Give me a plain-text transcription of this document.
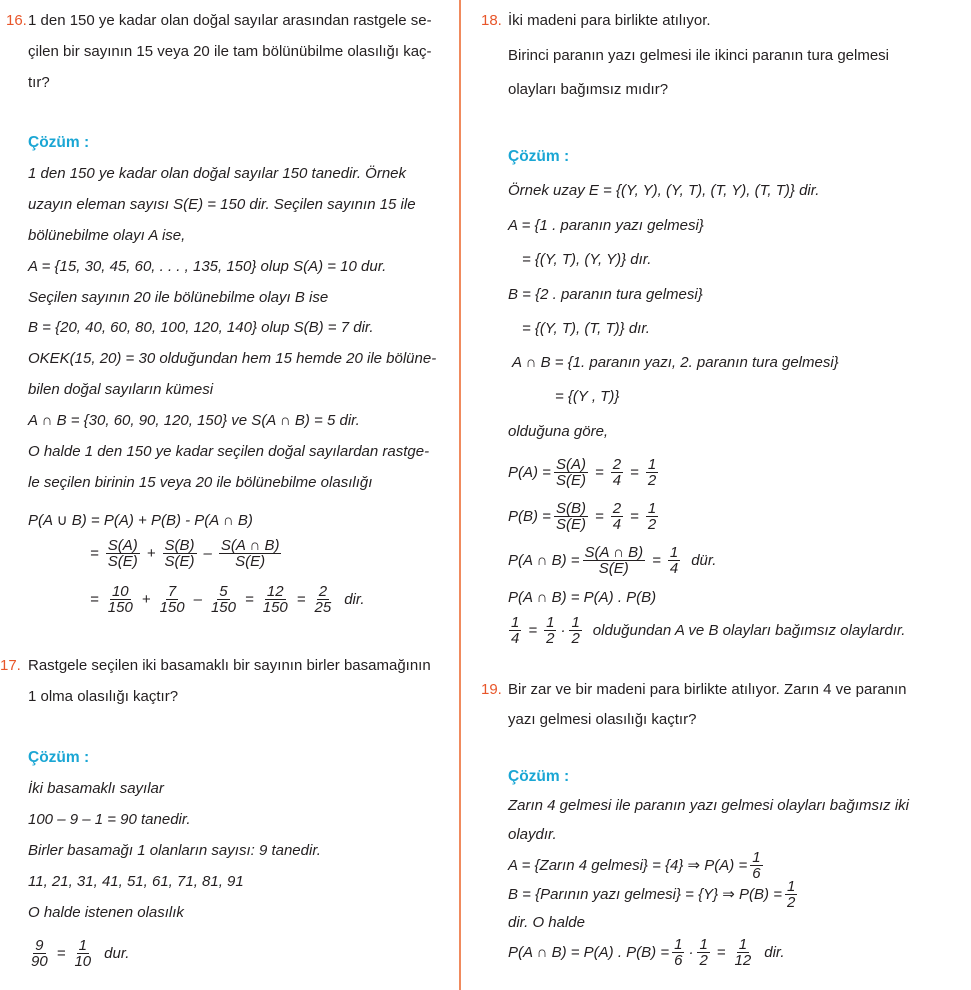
16. 1 den 150 ye kadar olan doğal sayılar arasından rastgele se-
çilen bir sayının 15 veya 20 ile tam bölünübilme olasılığı kaç-
tır?
Çözüm :
1 den 150 ye kadar olan doğal sayılar 150 tanedir. Örnek
uzayın eleman sayısı S(E) = 150 dir. Seçilen sayının 15 ile
bölünebilme olayı A ise,
A = {15, 30, 45, 60, . . . , 135, 150} olup S(A) = 10 dur.
Seçilen sayının 20 ile bölünebilme olayı B ise
B = {20, 40, 60, 80, 100, 120, 140} olup S(B) = 7 dir.
OKEK(15, 20) = 30 olduğundan hem 15 hemde 20 ile bölüne-
bilen doğal sayıların kümesi
A ∩ B = {30, 60, 90, 120, 150} ve S(A ∩ B) = 5 dir.
O halde 1 den 150 ye kadar seçilen doğal sayılardan rastge-
le seçilen birinin 15 veya 20 ile bölünebilme olasılığı
P(A ∪ B) = P(A) + P(B) - P(A ∩ B)
= $\frac{S(A)}{S(E)} + \frac{S(B)}{S(E)} - \frac{S(A \cap B)}{S(E)}$
= $\frac{10}{150} + \frac{7}{150} - \frac{5}{150} = \frac{12}{150} = \frac{2}{25}$ dir.
17. Rastgele seçilen iki basamaklı bir sayının birler basamağının
1 olma olasılığı kaçtır?
Çözüm :
İki basamaklı sayılar
100 – 9 – 1 = 90 tanedir.
Birler basamağı 1 olanların sayısı: 9 tanedir.
11, 21, 31, 41, 51, 61, 71, 81, 91
O halde istenen olasılık
$\frac{9}{90} = \frac{1}{10}$ dur.
18. İki madeni para birlikte atılıyor.
Birinci paranın yazı gelmesi ile ikinci paranın tura gelmesi
olayları bağımsız mıdır?
Çözüm :
Örnek uzay E = {(Y, Y), (Y, T), (T, Y), (T, T)} dir.
A = {1 . paranın yazı gelmesi}
= {(Y, T), (Y, Y)} dır.
B = {2 . paranın tura gelmesi}
= {(Y, T), (T, T)} dır.
A ∩ B = {1. paranın yazı, 2. paranın tura gelmesi}
= {(Y , T)}
olduğuna göre,
$P(A) = \frac{S(A)}{S(E)} = \frac{2}{4} = \frac{1}{2}$
$P(B) = \frac{S(B)}{S(E)} = \frac{2}{4} = \frac{1}{2}$
P(A ∩ $B) = \frac{S(A \cap B)}{S(E)} = \frac{1}{4}$ dür.
P(A ∩ B) = P(A) . P(B)
$\frac{1}{4} = \frac{1}{2} \cdot \frac{1}{2}$ olduğundan A ve B olayları bağımsız olaylardır.
19. Bir zar ve bir madeni para birlikte atılıyor. Zarın 4 ve paranın
yazı gelmesi olasılığı kaçtır?
Çözüm :
Zarın 4 gelmesi ile paranın yazı gelmesi olayları bağımsız iki
olaydır.
A = {Zarın 4 gelmesi} = {4} ⇒ $P(A) = \frac{1}{6}$
B = {Parının yazı gelmesi} = {Y} ⇒ $P(B) = \frac{1}{2}$
dir. O halde
P(A ∩ B) = P(A) . $P(B) = \frac{1}{6} \cdot \frac{1}{2} = \frac{1}{12}$ dir.
